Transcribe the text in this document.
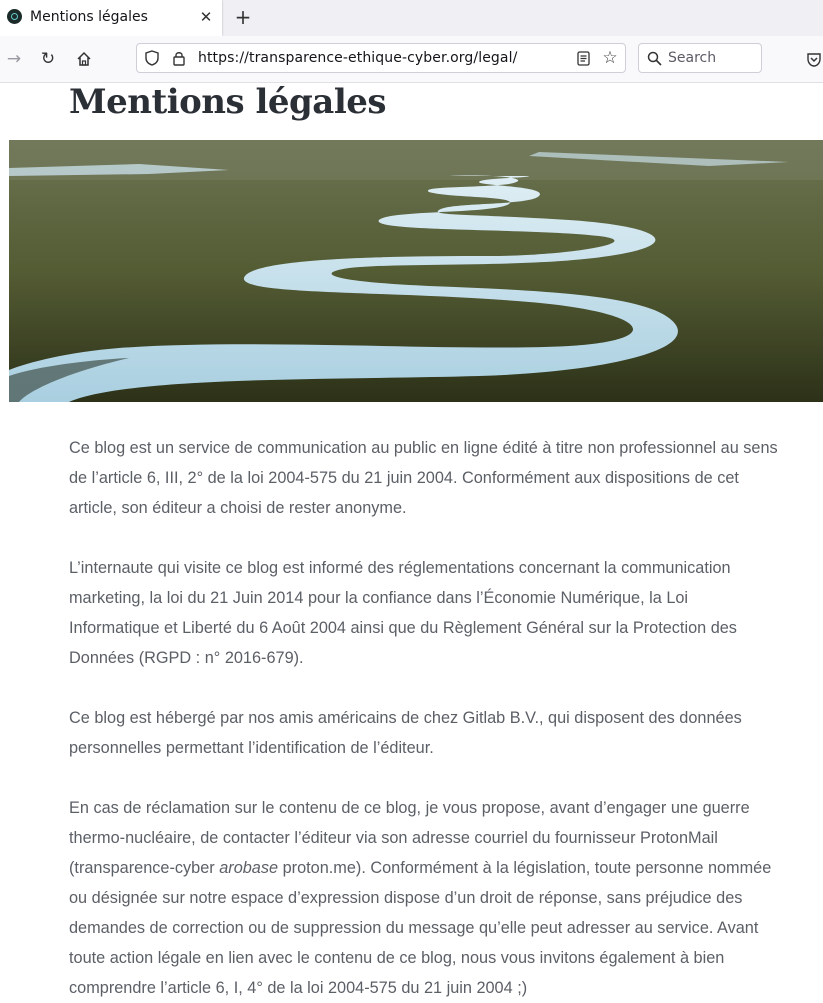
Mentions légales	✕ +
→ ↻	https://transparence-ethique-cyber.org/legal/	☆	Search
Mentions légales
Ce blog est un service de communication au public en ligne édité à titre non professionnel au sens
de l’article 6, III, 2° de la loi 2004-575 du 21 juin 2004. Conformément aux dispositions de cet
article, son éditeur a choisi de rester anonyme.
L’internaute qui visite ce blog est informé des réglementations concernant la communication
marketing, la loi du 21 Juin 2014 pour la confiance dans l’Économie Numérique, la Loi
Informatique et Liberté du 6 Août 2004 ainsi que du Règlement Général sur la Protection des
Données (RGPD : n° 2016-679).
Ce blog est hébergé par nos amis américains de chez Gitlab B.V., qui disposent des données
personnelles permettant l’identification de l’éditeur.
En cas de réclamation sur le contenu de ce blog, je vous propose, avant d’engager une guerre
thermo-nucléaire, de contacter l’éditeur via son adresse courriel du fournisseur ProtonMail
(transparence-cyber arobase proton.me). Conformément à la législation, toute personne nommée
ou désignée sur notre espace d’expression dispose d’un droit de réponse, sans préjudice des
demandes de correction ou de suppression du message qu’elle peut adresser au service. Avant
toute action légale en lien avec le contenu de ce blog, nous vous invitons également à bien
comprendre l’article 6, I, 4° de la loi 2004-575 du 21 juin 2004 ;)
